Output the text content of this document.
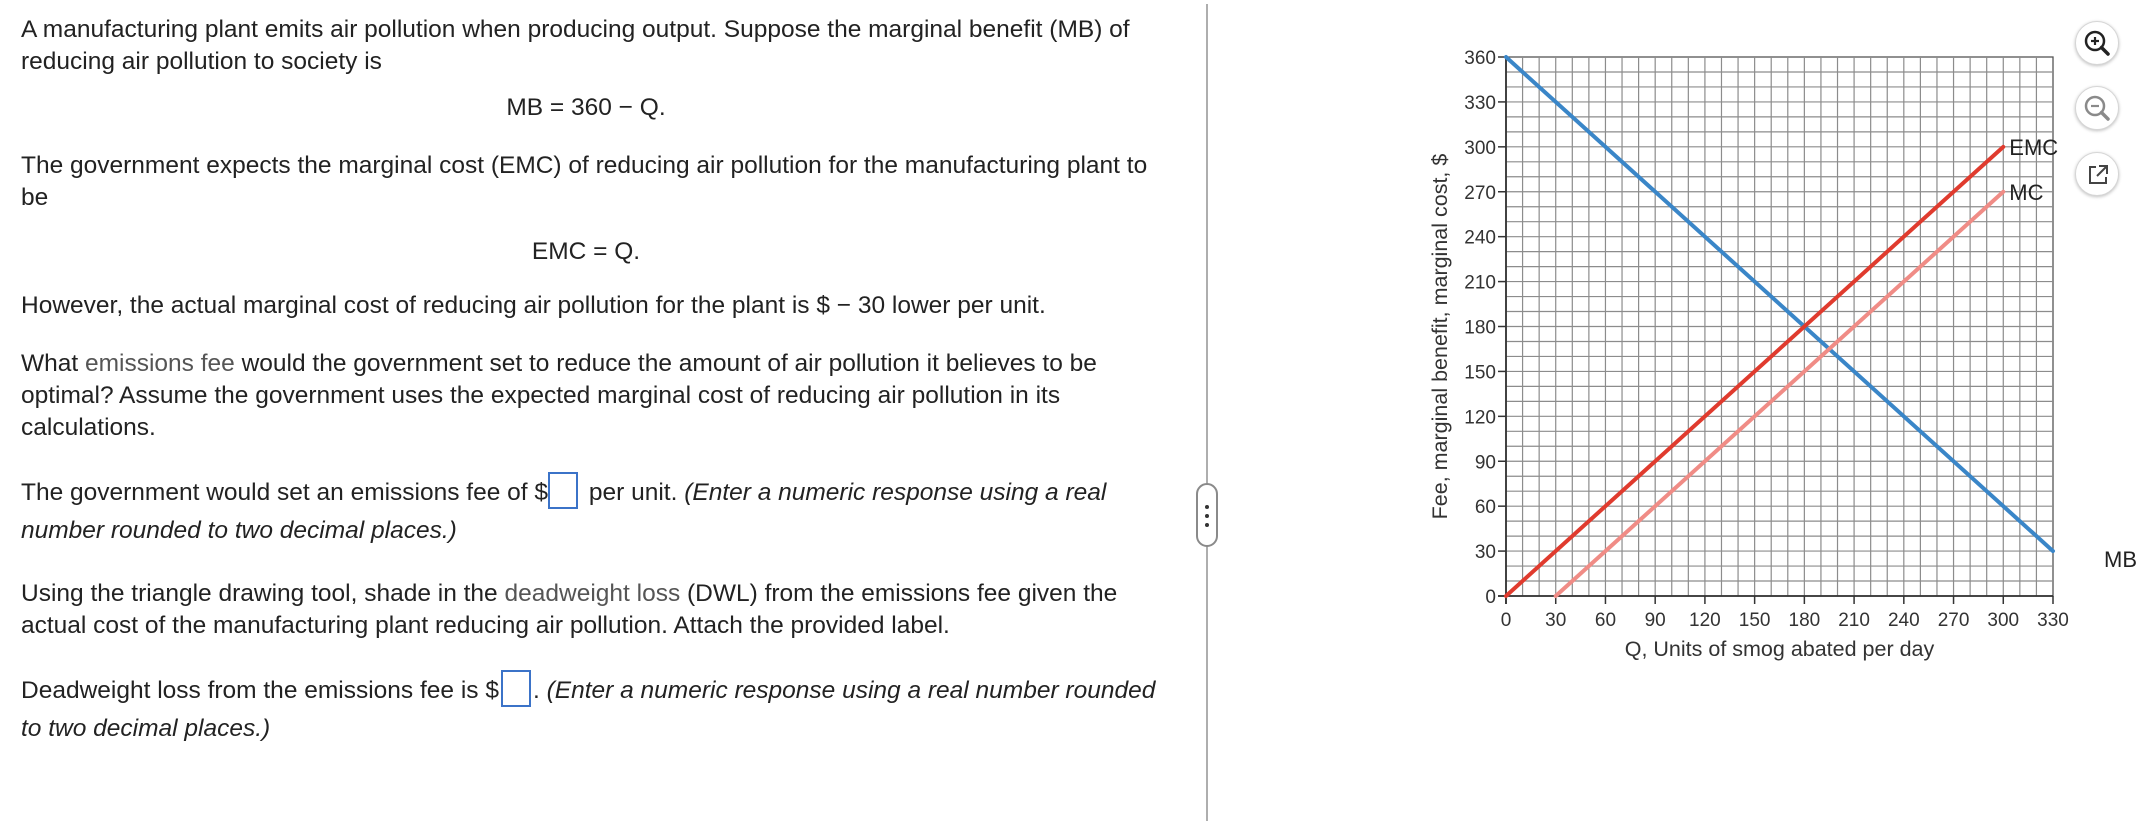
A manufacturing plant emits air pollution when producing output. Suppose the marginal benefit (MB) of reducing air pollution to society is

MB = 360 − Q.

The government expects the marginal cost (EMC) of reducing air pollution for the manufacturing plant to be

EMC = Q.

However, the actual marginal cost of reducing air pollution for the plant is $ − 30 lower per unit.

What emissions fee would the government set to reduce the amount of air pollution it believes to be optimal? Assume the government uses the expected marginal cost of reducing air pollution in its calculations.

The government would set an emissions fee of $ per unit. (Enter a numeric response using a real number rounded to two decimal places.)

Using the triangle drawing tool, shade in the deadweight loss (DWL) from the emissions fee given the actual cost of the manufacturing plant reducing air pollution. Attach the provided label.

Deadweight loss from the emissions fee is $ . (Enter a numeric response using a real number rounded to two decimal places.)

0
30
60
90
120
150
180
210
240
270
300
330
360
0 30 60 90 120 150 180 210 240 270 300 330
Q, Units of smog abated per day
Fee, marginal benefit, marginal cost, $
MB
EMC
MC
